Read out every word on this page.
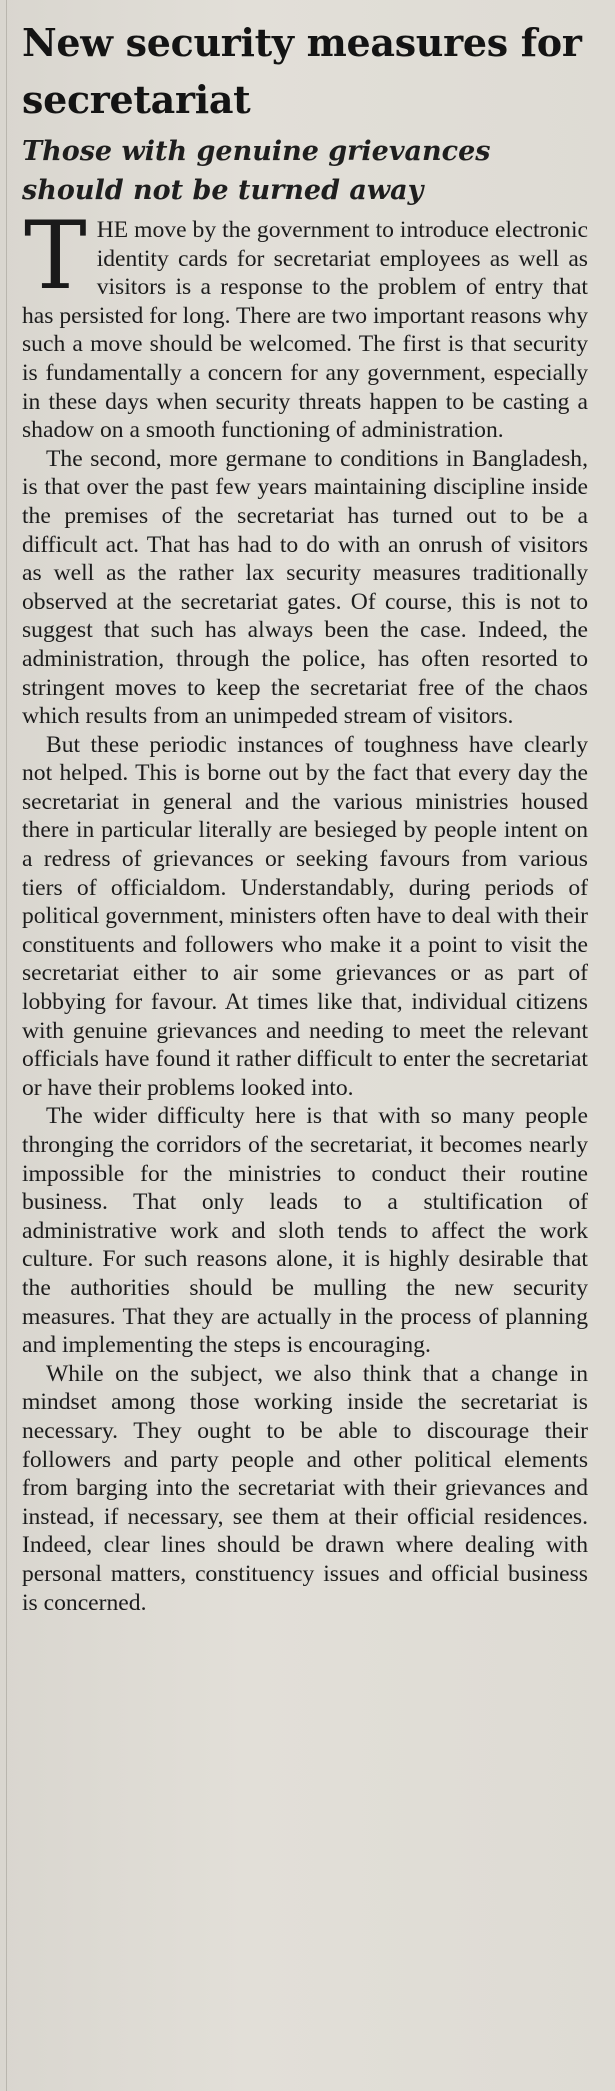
New security measures for secretariat
Those with genuine grievances should not be turned away

THE move by the government to introduce electronic identity cards for secretariat employees as well as visitors is a response to the problem of entry that has persisted for long. There are two important reasons why such a move should be welcomed. The first is that security is fundamentally a concern for any government, especially in these days when security threats happen to be casting a shadow on a smooth functioning of administration.

The second, more germane to conditions in Bangladesh, is that over the past few years maintaining discipline inside the premises of the secretariat has turned out to be a difficult act. That has had to do with an onrush of visitors as well as the rather lax security measures traditionally observed at the secretariat gates. Of course, this is not to suggest that such has always been the case. Indeed, the administration, through the police, has often resorted to stringent moves to keep the secretariat free of the chaos which results from an unimpeded stream of visitors.

But these periodic instances of toughness have clearly not helped. This is borne out by the fact that every day the secretariat in general and the various ministries housed there in particular literally are besieged by people intent on a redress of grievances or seeking favours from various tiers of officialdom. Understandably, during periods of political government, ministers often have to deal with their constituents and followers who make it a point to visit the secretariat either to air some grievances or as part of lobbying for favour. At times like that, individual citizens with genuine grievances and needing to meet the relevant officials have found it rather difficult to enter the secretariat or have their problems looked into.

The wider difficulty here is that with so many people thronging the corridors of the secretariat, it becomes nearly impossible for the ministries to conduct their routine business. That only leads to a stultification of administrative work and sloth tends to affect the work culture. For such reasons alone, it is highly desirable that the authorities should be mulling the new security measures. That they are actually in the process of planning and implementing the steps is encouraging.

While on the subject, we also think that a change in mindset among those working inside the secretariat is necessary. They ought to be able to discourage their followers and party people and other political elements from barging into the secretariat with their grievances and instead, if necessary, see them at their official residences. Indeed, clear lines should be drawn where dealing with personal matters, constituency issues and official business is concerned.
